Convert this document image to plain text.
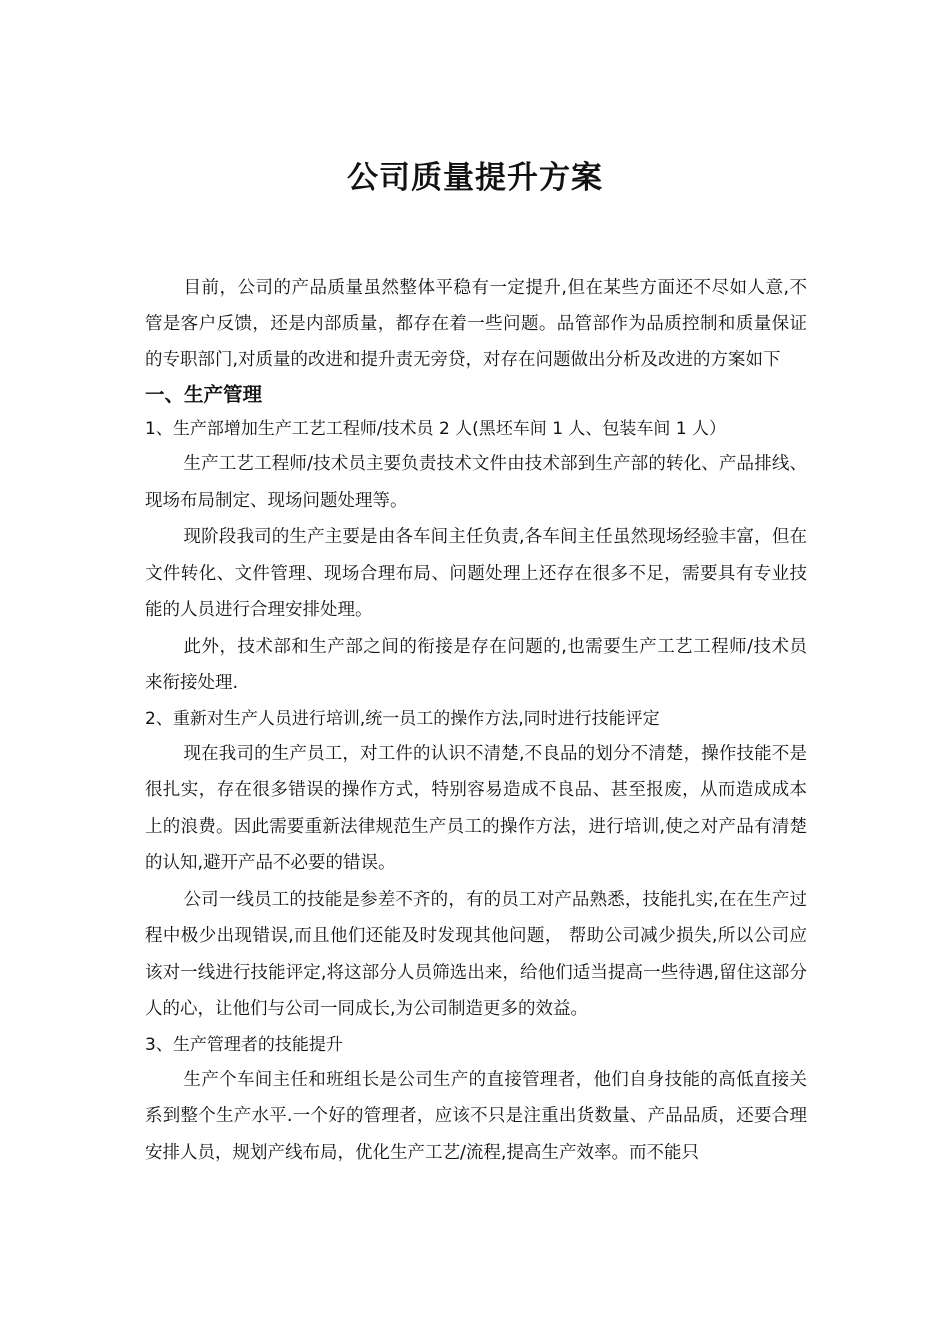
公司质量提升方案

目前，公司的产品质量虽然整体平稳有一定提升,但在某些方面还不尽如人意,不管是客户反馈，还是内部质量，都存在着一些问题。品管部作为品质控制和质量保证的专职部门,对质量的改进和提升责无旁贷，对存在问题做出分析及改进的方案如下

一、生产管理

1、生产部增加生产工艺工程师/技术员 2 人(黑坯车间 1 人、包装车间 1 人）

生产工艺工程师/技术员主要负责技术文件由技术部到生产部的转化、产品排线、现场布局制定、现场问题处理等。

现阶段我司的生产主要是由各车间主任负责,各车间主任虽然现场经验丰富，但在文件转化、文件管理、现场合理布局、问题处理上还存在很多不足，需要具有专业技能的人员进行合理安排处理。

此外，技术部和生产部之间的衔接是存在问题的,也需要生产工艺工程师/技术员来衔接处理.

2、重新对生产人员进行培训,统一员工的操作方法,同时进行技能评定

现在我司的生产员工，对工件的认识不清楚,不良品的划分不清楚，操作技能不是很扎实，存在很多错误的操作方式，特别容易造成不良品、甚至报废，从而造成成本上的浪费。因此需要重新法律规范生产员工的操作方法，进行培训,使之对产品有清楚的认知,避开产品不必要的错误。

公司一线员工的技能是参差不齐的，有的员工对产品熟悉，技能扎实,在在生产过程中极少出现错误,而且他们还能及时发现其他问题， 帮助公司减少损失,所以公司应该对一线进行技能评定,将这部分人员筛选出来，给他们适当提高一些待遇,留住这部分人的心，让他们与公司一同成长,为公司制造更多的效益。

3、生产管理者的技能提升

生产个车间主任和班组长是公司生产的直接管理者，他们自身技能的高低直接关系到整个生产水平.一个好的管理者，应该不只是注重出货数量、产品品质，还要合理安排人员，规划产线布局，优化生产工艺/流程,提高生产效率。而不能只
